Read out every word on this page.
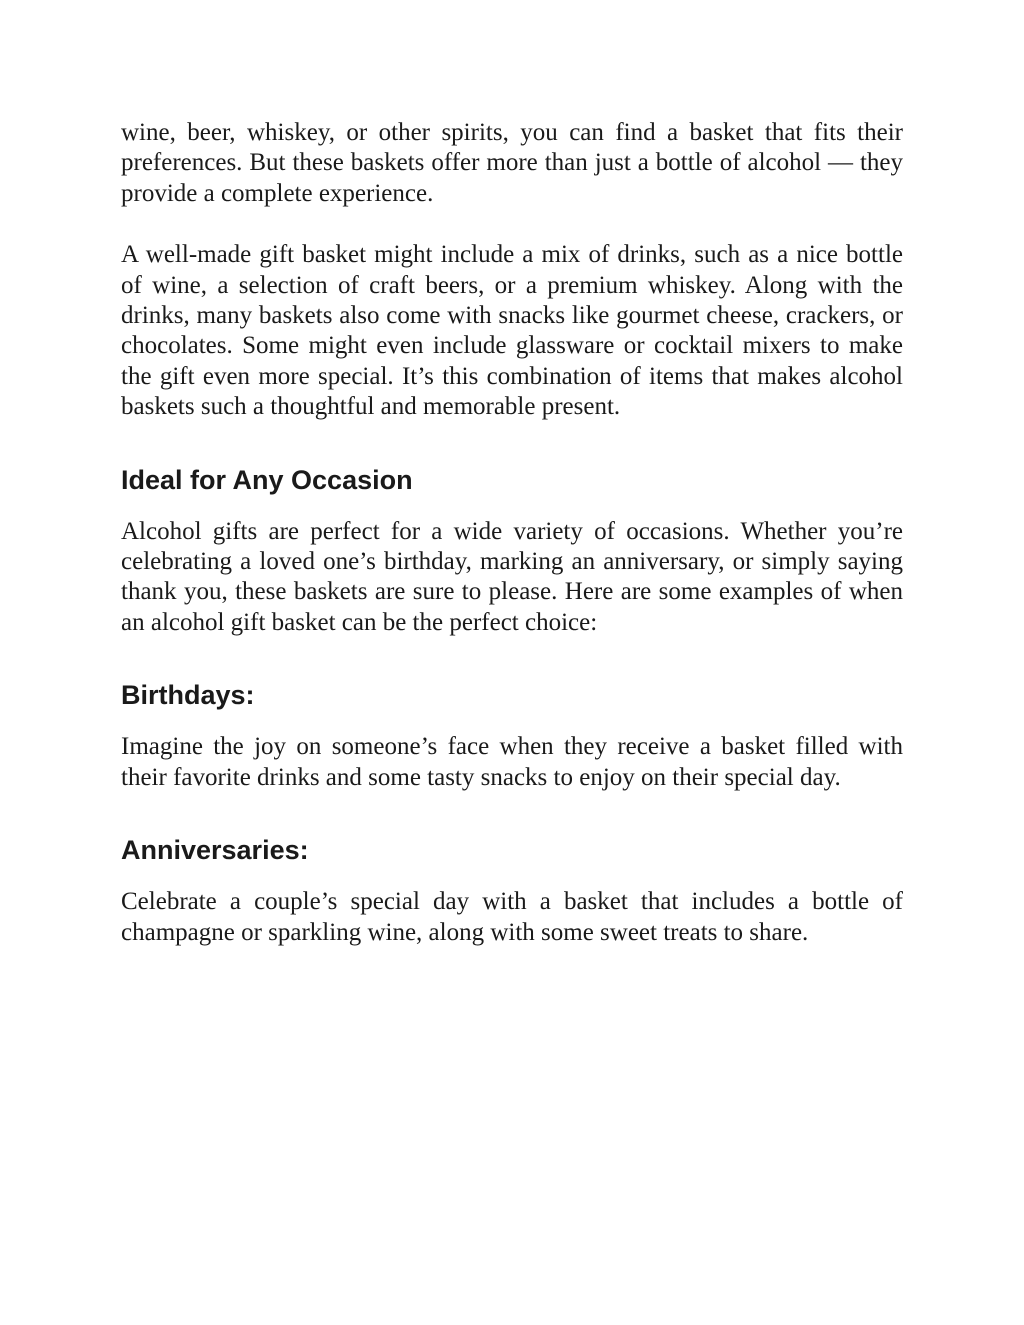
wine, beer, whiskey, or other spirits, you can find a basket that fits their preferences. But these baskets offer more than just a bottle of alcohol — they provide a complete experience.

A well-made gift basket might include a mix of drinks, such as a nice bottle of wine, a selection of craft beers, or a premium whiskey. Along with the drinks, many baskets also come with snacks like gourmet cheese, crackers, or chocolates. Some might even include glassware or cocktail mixers to make the gift even more special. It’s this combination of items that makes alcohol baskets such a thoughtful and memorable present.

Ideal for Any Occasion

Alcohol gifts are perfect for a wide variety of occasions. Whether you’re celebrating a loved one’s birthday, marking an anniversary, or simply saying thank you, these baskets are sure to please. Here are some examples of when an alcohol gift basket can be the perfect choice:

Birthdays:

Imagine the joy on someone’s face when they receive a basket filled with their favorite drinks and some tasty snacks to enjoy on their special day.

Anniversaries:

Celebrate a couple’s special day with a basket that includes a bottle of champagne or sparkling wine, along with some sweet treats to share.
